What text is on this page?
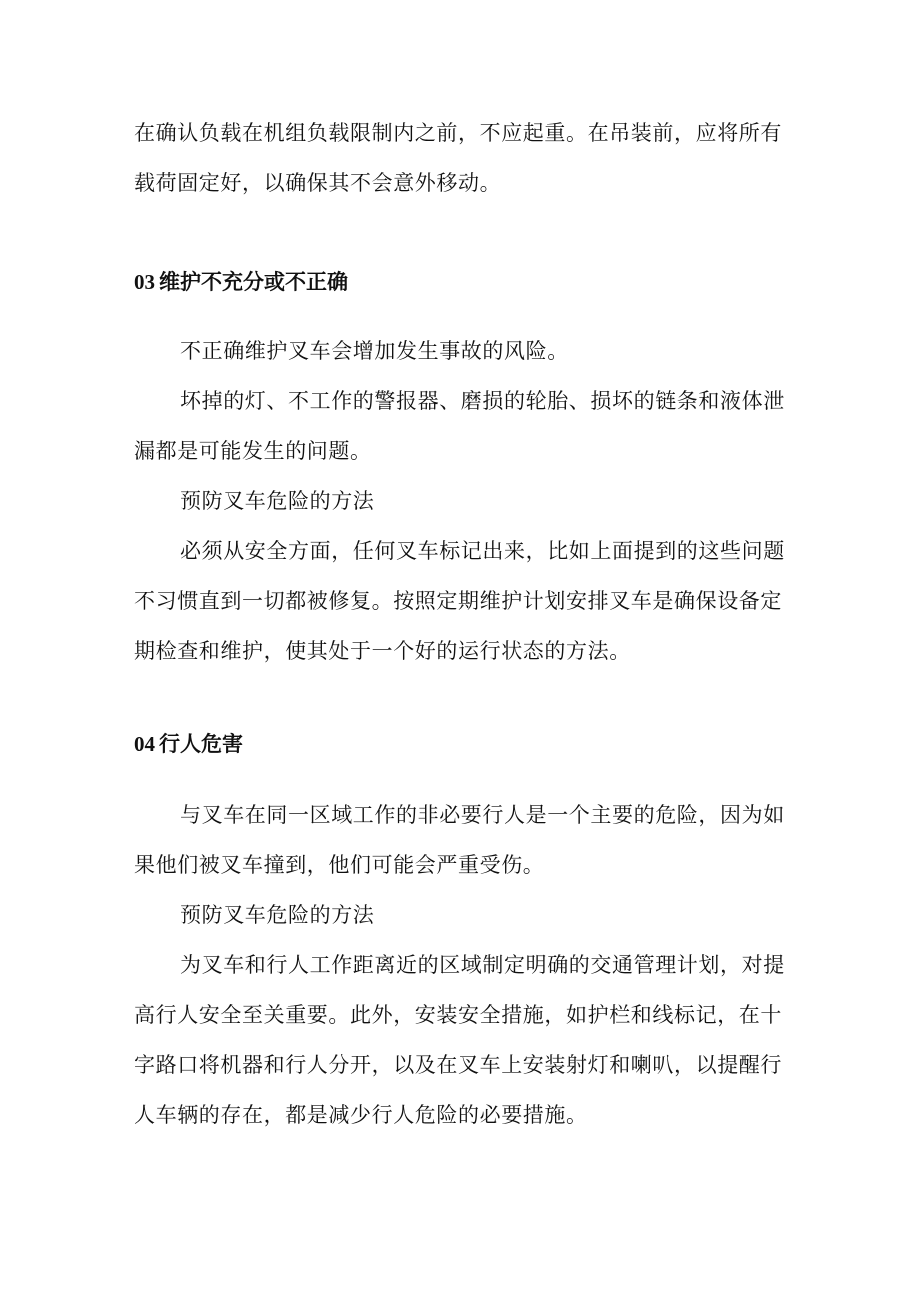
在确认负载在机组负载限制内之前，不应起重。在吊装前，应将所有
载荷固定好，以确保其不会意外移动。
03 维护不充分或不正确
不正确维护叉车会增加发生事故的风险。
坏掉的灯、不工作的警报器、磨损的轮胎、损坏的链条和液体泄
漏都是可能发生的问题。
预防叉车危险的方法
必须从安全方面，任何叉车标记出来，比如上面提到的这些问题
不习惯直到一切都被修复。按照定期维护计划安排叉车是确保设备定
期检查和维护，使其处于一个好的运行状态的方法。
04 行人危害
与叉车在同一区域工作的非必要行人是一个主要的危险，因为如
果他们被叉车撞到，他们可能会严重受伤。
预防叉车危险的方法
为叉车和行人工作距离近的区域制定明确的交通管理计划，对提
高行人安全至关重要。此外，安装安全措施，如护栏和线标记，在十
字路口将机器和行人分开，以及在叉车上安装射灯和喇叭，以提醒行
人车辆的存在，都是减少行人危险的必要措施。
